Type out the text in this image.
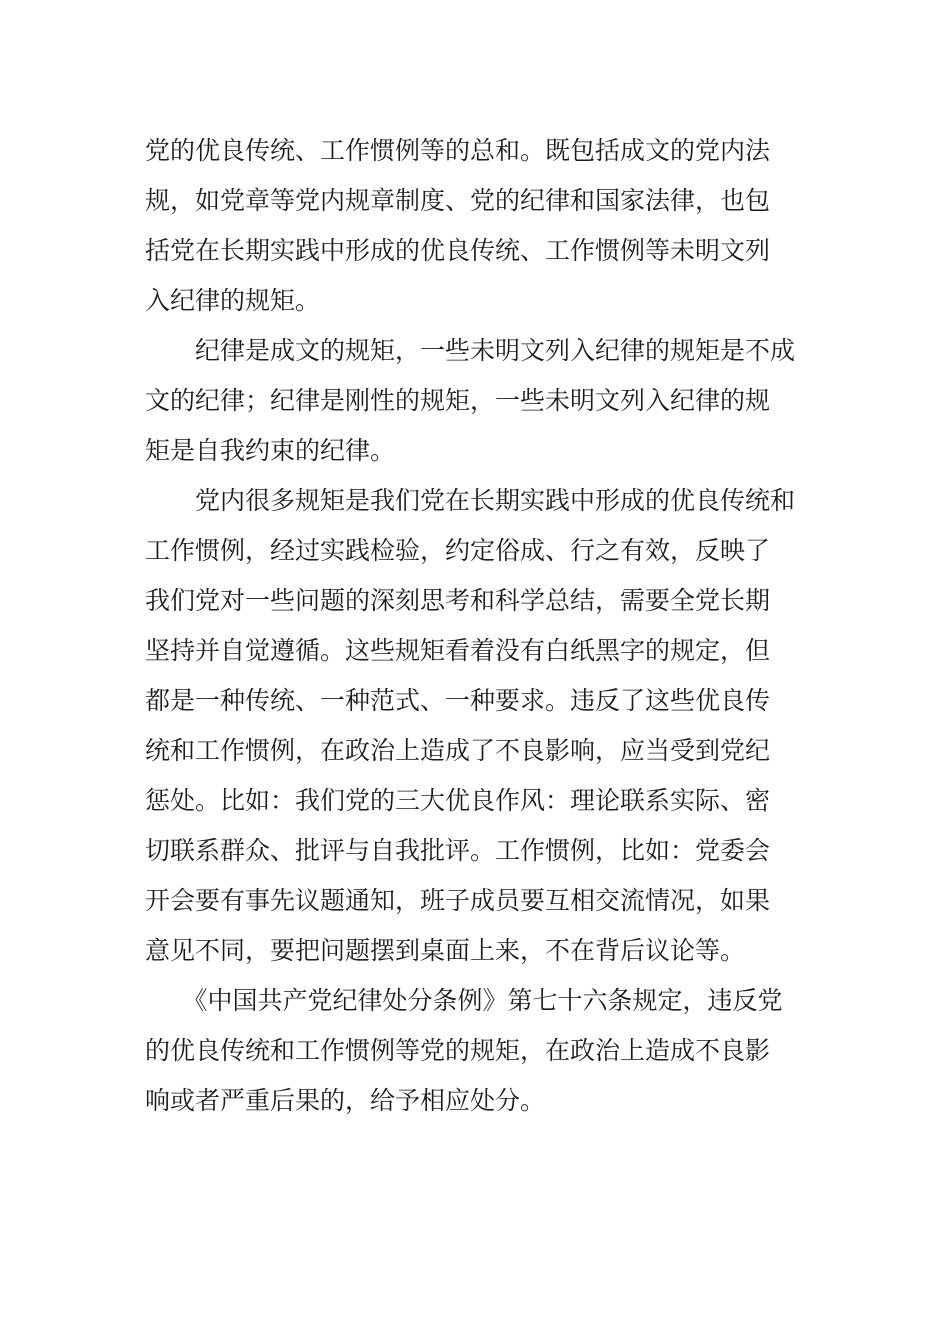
党的优良传统、工作惯例等的总和。既包括成文的党内法
规，如党章等党内规章制度、党的纪律和国家法律，也包
括党在长期实践中形成的优良传统、工作惯例等未明文列
入纪律的规矩。
　　纪律是成文的规矩，一些未明文列入纪律的规矩是不成
文的纪律；纪律是刚性的规矩，一些未明文列入纪律的规
矩是自我约束的纪律。
　　党内很多规矩是我们党在长期实践中形成的优良传统和
工作惯例，经过实践检验，约定俗成、行之有效，反映了
我们党对一些问题的深刻思考和科学总结，需要全党长期
坚持并自觉遵循。这些规矩看着没有白纸黑字的规定，但
都是一种传统、一种范式、一种要求。违反了这些优良传
统和工作惯例，在政治上造成了不良影响，应当受到党纪
惩处。比如：我们党的三大优良作风：理论联系实际、密
切联系群众、批评与自我批评。工作惯例，比如：党委会
开会要有事先议题通知，班子成员要互相交流情况，如果
意见不同，要把问题摆到桌面上来，不在背后议论等。
　　《中国共产党纪律处分条例》第七十六条规定，违反党
的优良传统和工作惯例等党的规矩，在政治上造成不良影
响或者严重后果的，给予相应处分。
